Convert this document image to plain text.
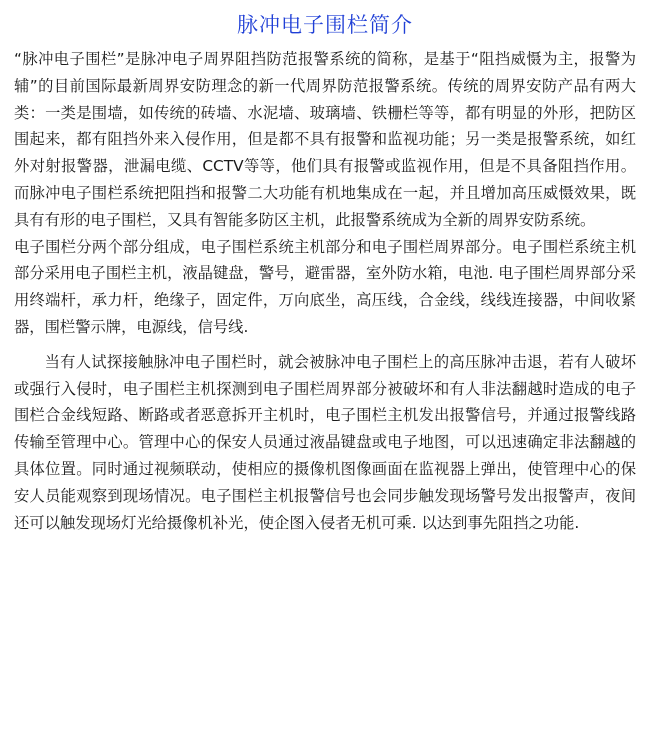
脉冲电子围栏简介

“脉冲电子围栏”是脉冲电子周界阻挡防范报警系统的简称，是基于“阻挡威慑为主，报警为辅”的目前国际最新周界安防理念的新一代周界防范报警系统。传统的周界安防产品有两大类：一类是围墙，如传统的砖墙、水泥墙、玻璃墙、铁栅栏等等，都有明显的外形，把防区围起来，都有阻挡外来入侵作用，但是都不具有报警和监视功能；另一类是报警系统，如红外对射报警器，泄漏电缆、CCTV等等，他们具有报警或监视作用，但是不具备阻挡作用。而脉冲电子围栏系统把阻挡和报警二大功能有机地集成在一起，并且增加高压威慑效果，既具有有形的电子围栏，又具有智能多防区主机，此报警系统成为全新的周界安防系统。

电子围栏分两个部分组成，电子围栏系统主机部分和电子围栏周界部分。电子围栏系统主机部分采用电子围栏主机，液晶键盘，警号，避雷器，室外防水箱，电池. 电子围栏周界部分采用终端杆，承力杆，绝缘子，固定件，万向底坐，高压线，合金线，线线连接器，中间收紧器，围栏警示牌，电源线，信号线.

当有人试探接触脉冲电子围栏时，就会被脉冲电子围栏上的高压脉冲击退，若有人破坏或强行入侵时，电子围栏主机探测到电子围栏周界部分被破坏和有人非法翻越时造成的电子围栏合金线短路、断路或者恶意拆开主机时，电子围栏主机发出报警信号，并通过报警线路传输至管理中心。管理中心的保安人员通过液晶键盘或电子地图，可以迅速确定非法翻越的具体位置。同时通过视频联动，使相应的摄像机图像画面在监视器上弹出，使管理中心的保安人员能观察到现场情况。电子围栏主机报警信号也会同步触发现场警号发出报警声，夜间还可以触发现场灯光给摄像机补光，使企图入侵者无机可乘. 以达到事先阻挡之功能.
